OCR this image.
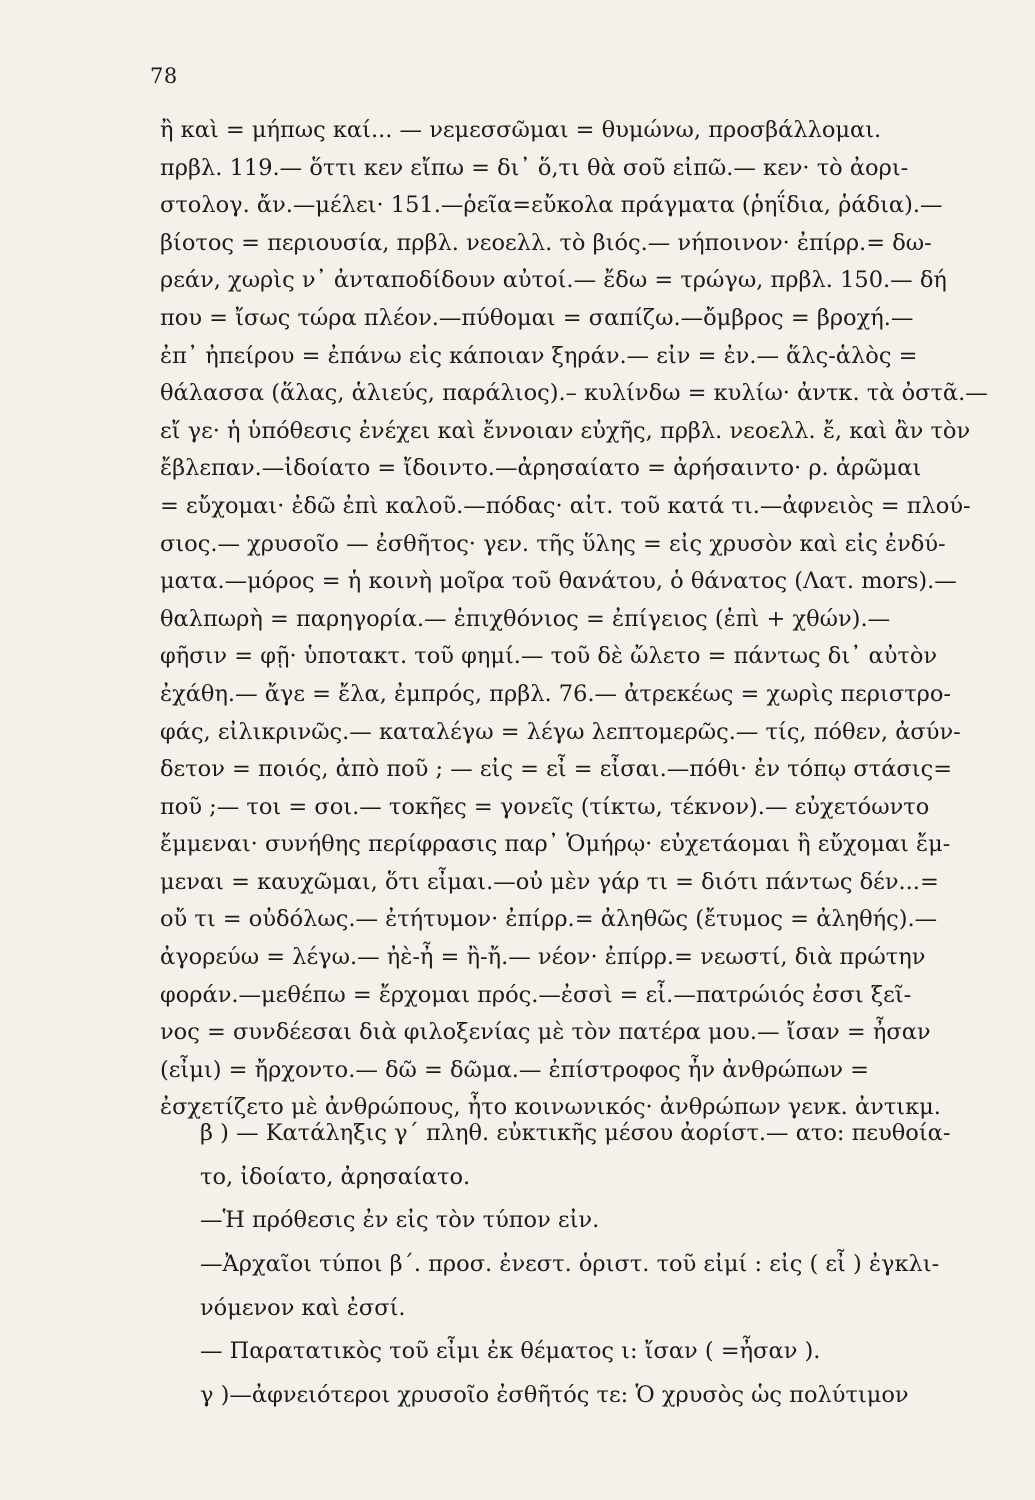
78
ἢ καὶ = μήπως καί... — νεμεσσῶμαι = θυμώνω, προσβάλλομαι.
πρβλ. 119.— ὅττι κεν εἴπω = δι᾽ ὅ,τι θὰ σοῦ εἰπῶ.— κεν· τὸ ἀορι-
στολογ. ἄν.—μέλει· 151.—ῥεῖα=εὔκολα πράγματα (ῥηΐδια, ῥάδια).—
βίοτος = περιουσία, πρβλ. νεοελλ. τὸ βιός.— νήποινον· ἐπίρρ.= δω-
ρεάν, χωρὶς ν᾽ ἀνταποδίδουν αὐτοί.— ἔδω = τρώγω, πρβλ. 150.— δή
που = ἴσως τώρα πλέον.—πύθομαι = σαπίζω.—ὄμβρος = βροχή.—
ἐπ᾽ ἠπείρου = ἐπάνω εἰς κάποιαν ξηράν.— εἰν = ἐν.— ἅλς-ἁλὸς =
θάλασσα (ἅλας, ἁλιεύς, παράλιος).– κυλίνδω = κυλίω· ἀντκ. τὰ ὀστᾶ.—
εἴ γε· ἡ ὑπόθεσις ἐνέχει καὶ ἔννοιαν εὐχῆς, πρβλ. νεοελλ. ἔ, καὶ ἂν τὸν
ἔβλεπαν.—ἰδοίατο = ἴδοιντο.—ἀρησαίατο = ἀρήσαιντο· ρ. ἀρῶμαι
= εὔχομαι· ἐδῶ ἐπὶ καλοῦ.—πόδας· αἰτ. τοῦ κατά τι.—ἀφνειὸς = πλού-
σιος.— χρυσοῖο — ἐσθῆτος· γεν. τῆς ὕλης = εἰς χρυσὸν καὶ εἰς ἐνδύ-
ματα.—μόρος = ἡ κοινὴ μοῖρα τοῦ θανάτου, ὁ θάνατος (Λατ. mors).—
θαλπωρὴ = παρηγορία.— ἐπιχθόνιος = ἐπίγειος (ἐπὶ + χθών).—
φῆσιν = φῇ· ὑποτακτ. τοῦ φημί.— τοῦ δὲ ὤλετο = πάντως δι᾽ αὐτὸν
ἐχάθη.— ἄγε = ἔλα, ἐμπρός, πρβλ. 76.— ἀτρεκέως = χωρὶς περιστρο-
φάς, εἰλικρινῶς.— καταλέγω = λέγω λεπτομερῶς.— τίς, πόθεν, ἀσύν-
δετον = ποιός, ἀπὸ ποῦ ; — εἰς = εἶ = εἶσαι.—πόθι· ἐν τόπῳ στάσις=
ποῦ ;— τοι = σοι.— τοκῆες = γονεῖς (τίκτω, τέκνον).— εὐχετόωντο
ἔμμεναι· συνήθης περίφρασις παρ᾽ Ὁμήρῳ· εὐχετάομαι ἢ εὔχομαι ἔμ-
μεναι = καυχῶμαι, ὅτι εἶμαι.—οὐ μὲν γάρ τι = διότι πάντως δέν...=
οὔ τι = οὐδόλως.— ἐτήτυμον· ἐπίρρ.= ἀληθῶς (ἔτυμος = ἀληθής).—
ἀγορεύω = λέγω.— ἠὲ-ἦ = ἢ-ἤ.— νέον· ἐπίρρ.= νεωστί, διὰ πρώτην
φοράν.—μεθέπω = ἔρχομαι πρός.—ἐσσὶ = εἶ.—πατρώιός ἐσσι ξεῖ-
νος = συνδέεσαι διὰ φιλοξενίας μὲ τὸν πατέρα μου.— ἴσαν = ἦσαν
(εἶμι) = ἤρχοντο.— δῶ = δῶμα.— ἐπίστροφος ἦν ἀνθρώπων =
ἐσχετίζετο μὲ ἀνθρώπους, ἦτο κοινωνικός· ἀνθρώπων γενκ. ἀντικμ.
β ) — Κατάληξις γ΄ πληθ. εὐκτικῆς μέσου ἀορίστ.— ατο: πευθοία-
το, ἰδοίατο, ἀρησαίατο.
—Ἡ πρόθεσις ἐν εἰς τὸν τύπον εἰν.
—Ἀρχαῖοι τύποι β΄. προσ. ἐνεστ. ὁριστ. τοῦ εἰμί : εἰς ( εἶ ) ἐγκλι-
νόμενον καὶ ἐσσί.
— Παρατατικὸς τοῦ εἶμι ἐκ θέματος ι: ἴσαν ( =ἦσαν ).
γ )—ἀφνειότεροι χρυσοῖο ἐσθῆτός τε: Ὁ χρυσὸς ὡς πολύτιμον
